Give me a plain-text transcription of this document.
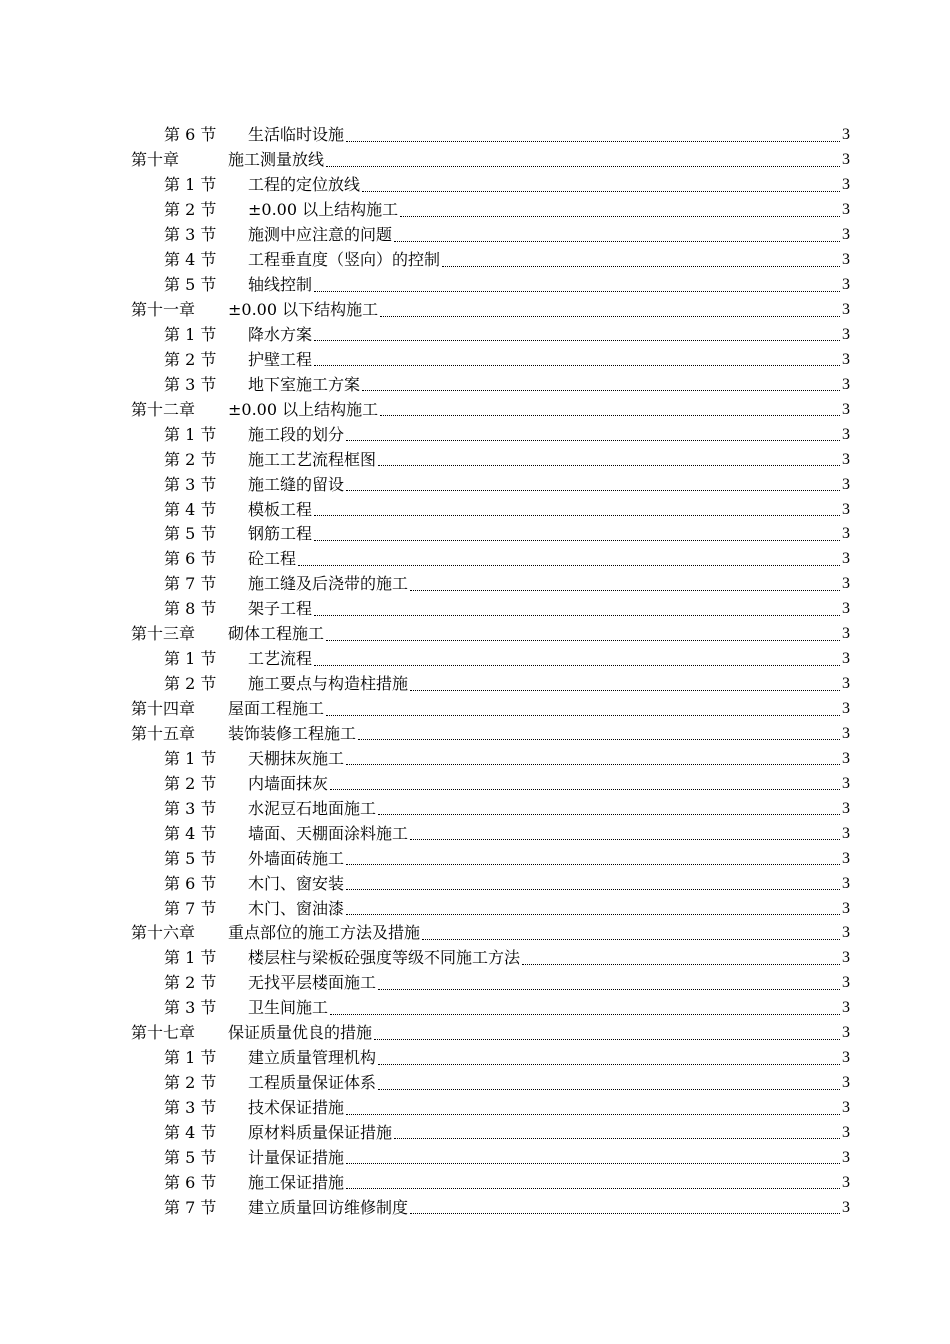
第 6 节	生活临时设施	3
第十章	施工测量放线	3
第 1 节	工程的定位放线	3
第 2 节	±0.00 以上结构施工	3
第 3 节	施测中应注意的问题	3
第 4 节	工程垂直度（竖向）的控制	3
第 5 节	轴线控制	3
第十一章	±0.00 以下结构施工	3
第 1 节	降水方案	3
第 2 节	护壁工程	3
第 3 节	地下室施工方案	3
第十二章	±0.00 以上结构施工	3
第 1 节	施工段的划分	3
第 2 节	施工工艺流程框图	3
第 3 节	施工缝的留设	3
第 4 节	模板工程	3
第 5 节	钢筋工程	3
第 6 节	砼工程	3
第 7 节	施工缝及后浇带的施工	3
第 8 节	架子工程	3
第十三章	砌体工程施工	3
第 1 节	工艺流程	3
第 2 节	施工要点与构造柱措施	3
第十四章	屋面工程施工	3
第十五章	装饰装修工程施工	3
第 1 节	天棚抹灰施工	3
第 2 节	内墙面抹灰	3
第 3 节	水泥豆石地面施工	3
第 4 节	墙面、天棚面涂料施工	3
第 5 节	外墙面砖施工	3
第 6 节	木门、窗安装	3
第 7 节	木门、窗油漆	3
第十六章	重点部位的施工方法及措施	3
第 1 节	楼层柱与梁板砼强度等级不同施工方法	3
第 2 节	无找平层楼面施工	3
第 3 节	卫生间施工	3
第十七章	保证质量优良的措施	3
第 1 节	建立质量管理机构	3
第 2 节	工程质量保证体系	3
第 3 节	技术保证措施	3
第 4 节	原材料质量保证措施	3
第 5 节	计量保证措施	3
第 6 节	施工保证措施	3
第 7 节	建立质量回访维修制度	3
